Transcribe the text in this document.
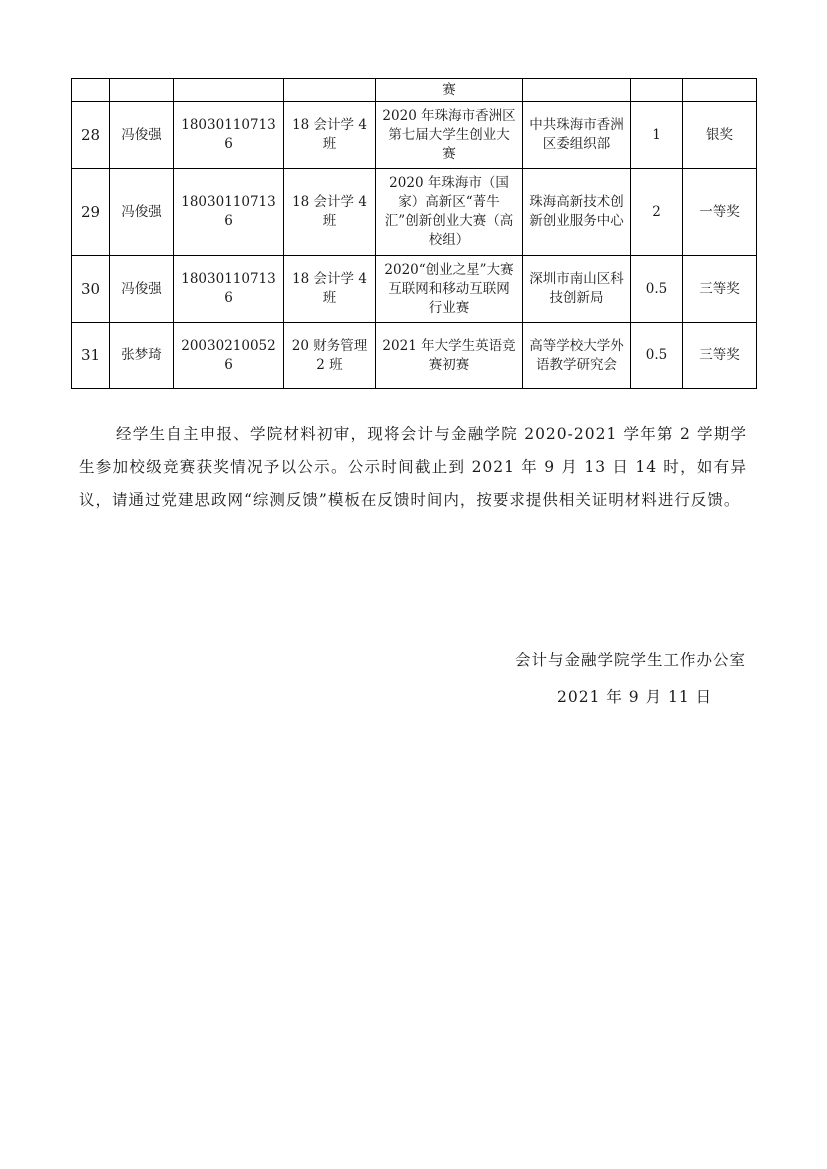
				赛			
28	冯俊强	180301107136	18 会计学 4 班	2020 年珠海市香洲区第七届大学生创业大赛	中共珠海市香洲区委组织部	1	银奖
29	冯俊强	180301107136	18 会计学 4 班	2020 年珠海市（国家）高新区“菁牛汇”创新创业大赛（高校组）	珠海高新技术创新创业服务中心	2	一等奖
30	冯俊强	180301107136	18 会计学 4 班	2020“创业之星”大赛互联网和移动互联网行业赛	深圳市南山区科技创新局	0.5	三等奖
31	张梦琦	200302100526	20 财务管理 2 班	2021 年大学生英语竞赛初赛	高等学校大学外语教学研究会	0.5	三等奖

经学生自主申报、学院材料初审，现将会计与金融学院 2020-2021 学年第 2 学期学生参加校级竞赛获奖情况予以公示。公示时间截止到 2021 年 9 月 13 日 14 时，如有异议，请通过党建思政网“综测反馈”模板在反馈时间内，按要求提供相关证明材料进行反馈。

会计与金融学院学生工作办公室

2021 年 9 月 11 日
